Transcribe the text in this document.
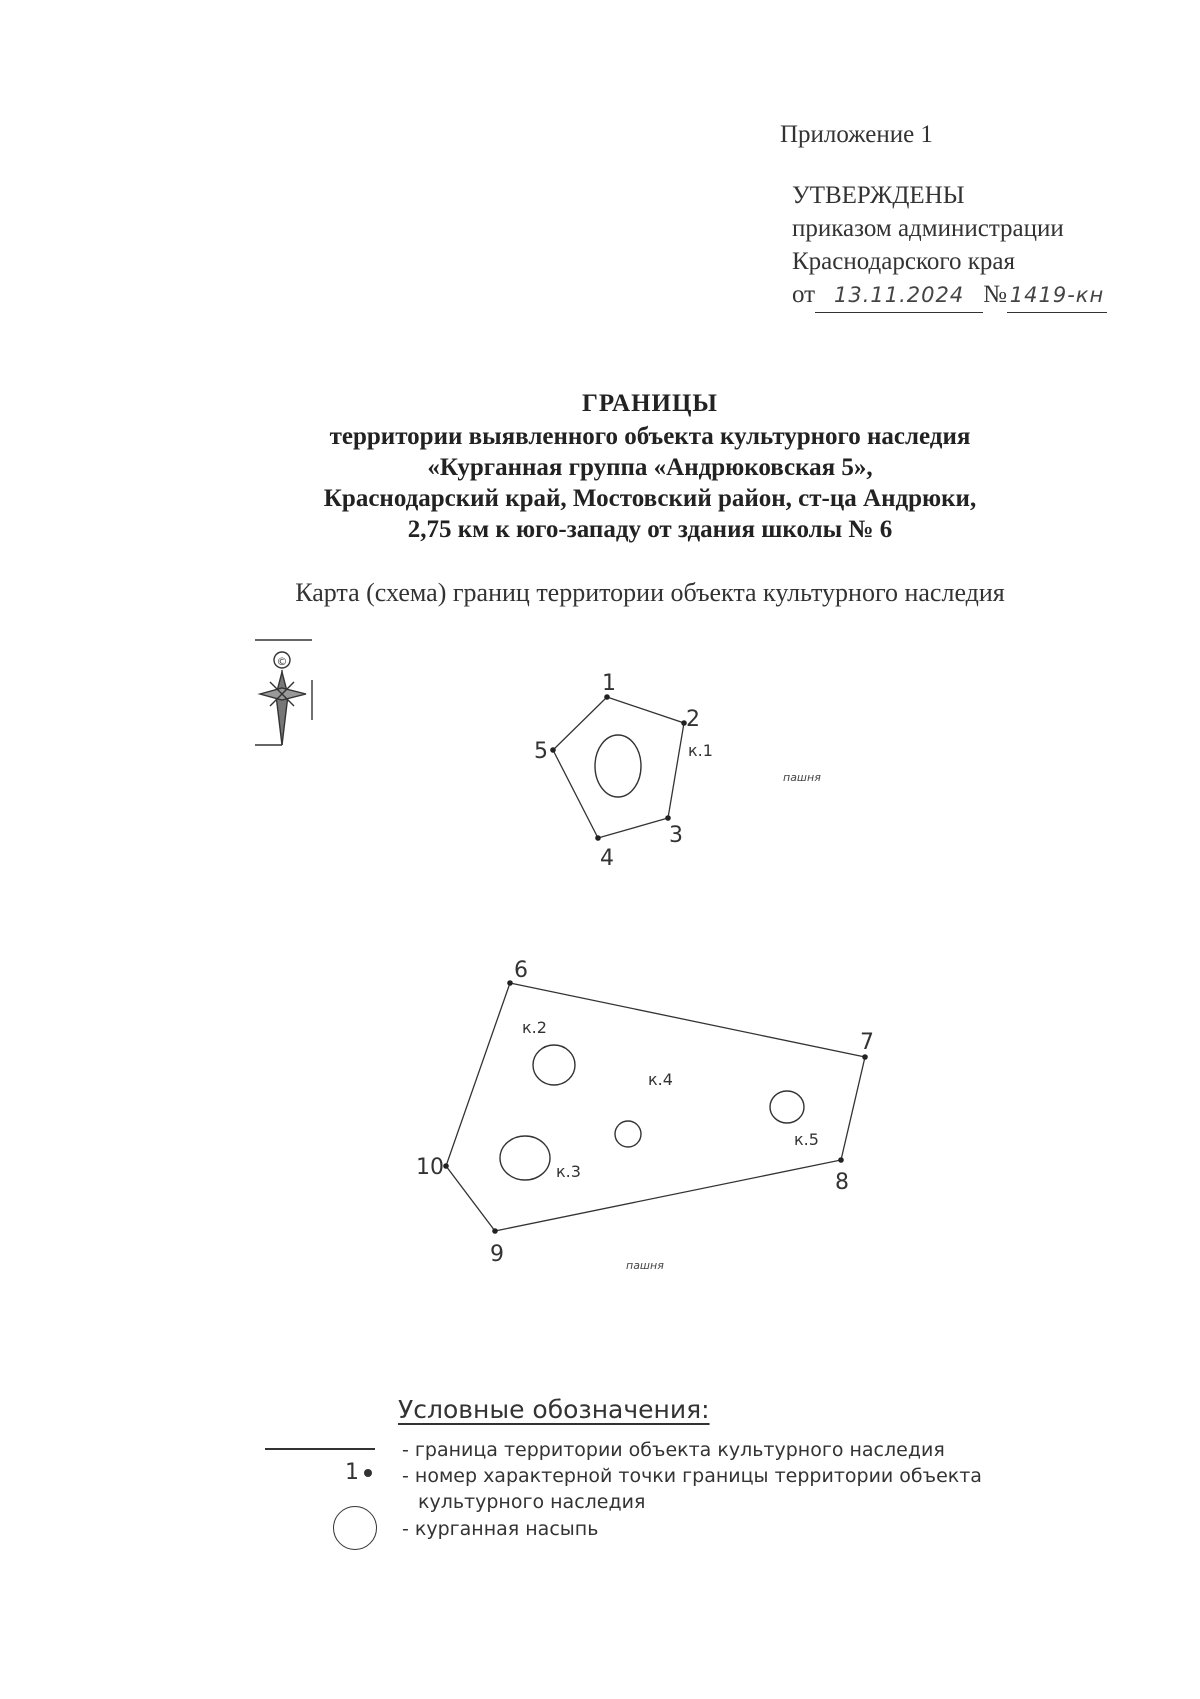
Приложение 1
УТВЕРЖДЕНЫ
приказом администрации
Краснодарского края
от 13.11.2024 № 1419-кн
ГРАНИЦЫ
территории выявленного объекта культурного наследия
«Курганная группа «Андрюковская 5»,
Краснодарский край, Мостовский район, ст-ца Андрюки,
2,75 км к юго-западу от здания школы № 6
Карта (схема) границ территории объекта культурного наследия
©
1
2
3
4
5
6
7
8
9
10
к.1
к.2
к.3
к.4
к.5
пашня
пашня
Условные обозначения:
- граница территории объекта культурного наследия
1 - номер характерной точки границы территории объекта
культурного наследия
- курганная насыпь
